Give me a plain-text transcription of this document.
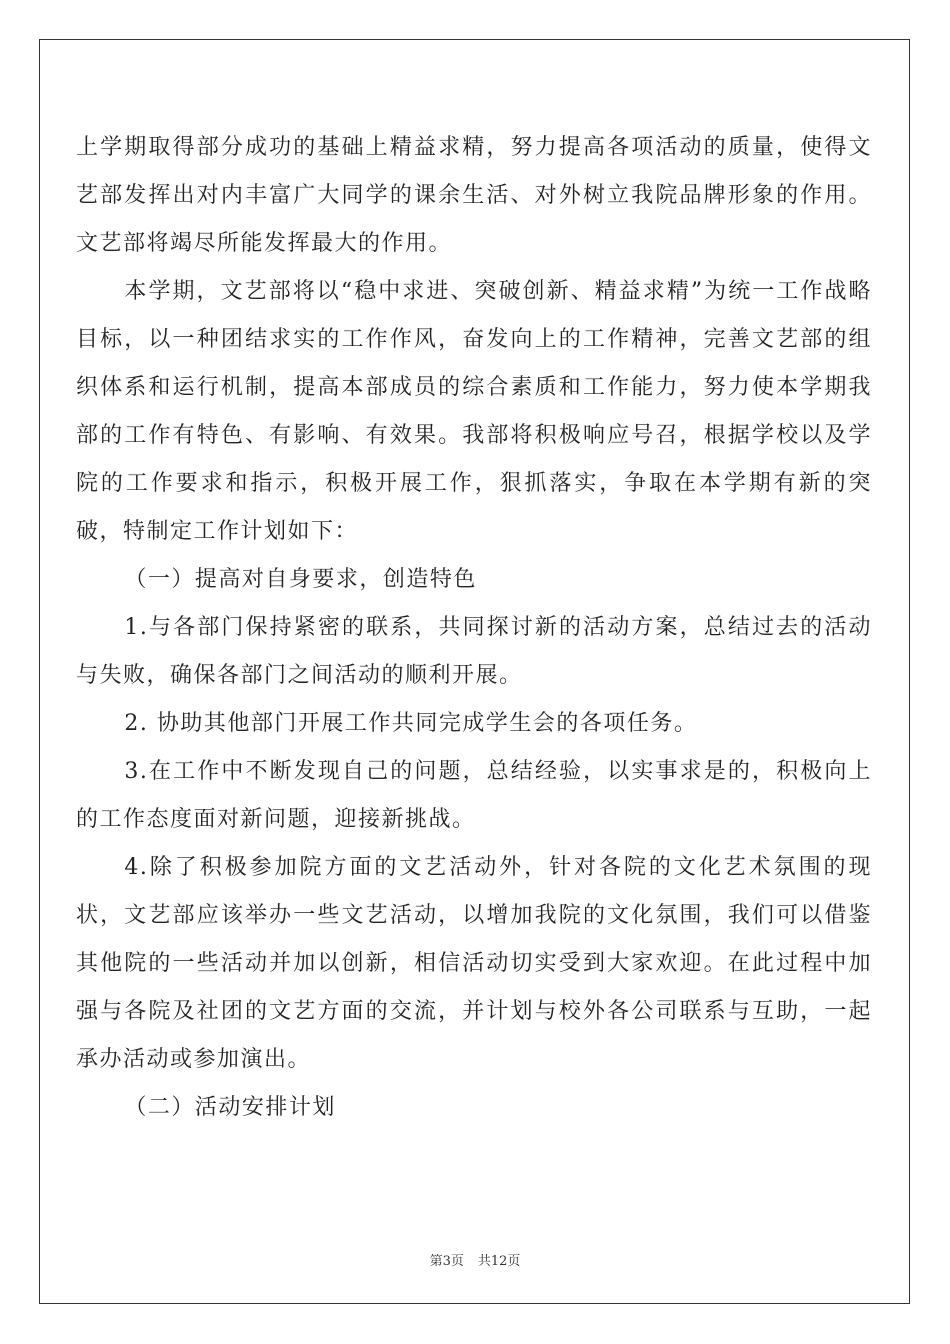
上学期取得部分成功的基础上精益求精，努力提高各项活动的质量，使得文艺部发挥出对内丰富广大同学的课余生活、对外树立我院品牌形象的作用。文艺部将竭尽所能发挥最大的作用。

本学期，文艺部将以“稳中求进、突破创新、精益求精”为统一工作战略目标，以一种团结求实的工作作风，奋发向上的工作精神，完善文艺部的组织体系和运行机制，提高本部成员的综合素质和工作能力，努力使本学期我部的工作有特色、有影响、有效果。我部将积极响应号召，根据学校以及学院的工作要求和指示，积极开展工作，狠抓落实，争取在本学期有新的突破，特制定工作计划如下：

（一）提高对自身要求，创造特色

1.与各部门保持紧密的联系，共同探讨新的活动方案，总结过去的活动与失败，确保各部门之间活动的顺利开展。

2. 协助其他部门开展工作共同完成学生会的各项任务。

3.在工作中不断发现自己的问题，总结经验，以实事求是的，积极向上的工作态度面对新问题，迎接新挑战。

4.除了积极参加院方面的文艺活动外，针对各院的文化艺术氛围的现状，文艺部应该举办一些文艺活动，以增加我院的文化氛围，我们可以借鉴其他院的一些活动并加以创新，相信活动切实受到大家欢迎。在此过程中加强与各院及社团的文艺方面的交流，并计划与校外各公司联系与互助，一起承办活动或参加演出。

（二）活动安排计划

第3页 共12页
